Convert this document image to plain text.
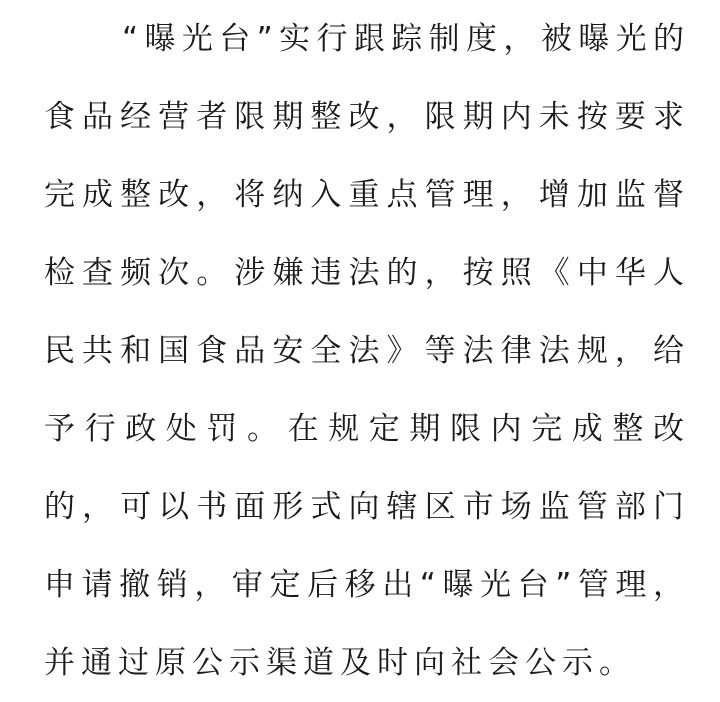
“曝光台”实行跟踪制度，被曝光的
食品经营者限期整改，限期内未按要求
完成整改，将纳入重点管理，增加监督
检查频次。涉嫌违法的，按照《中华人
民共和国食品安全法》等法律法规，给
予行政处罚。在规定期限内完成整改
的，可以书面形式向辖区市场监管部门
申请撤销，审定后移出“曝光台”管理，
并通过原公示渠道及时向社会公示。
